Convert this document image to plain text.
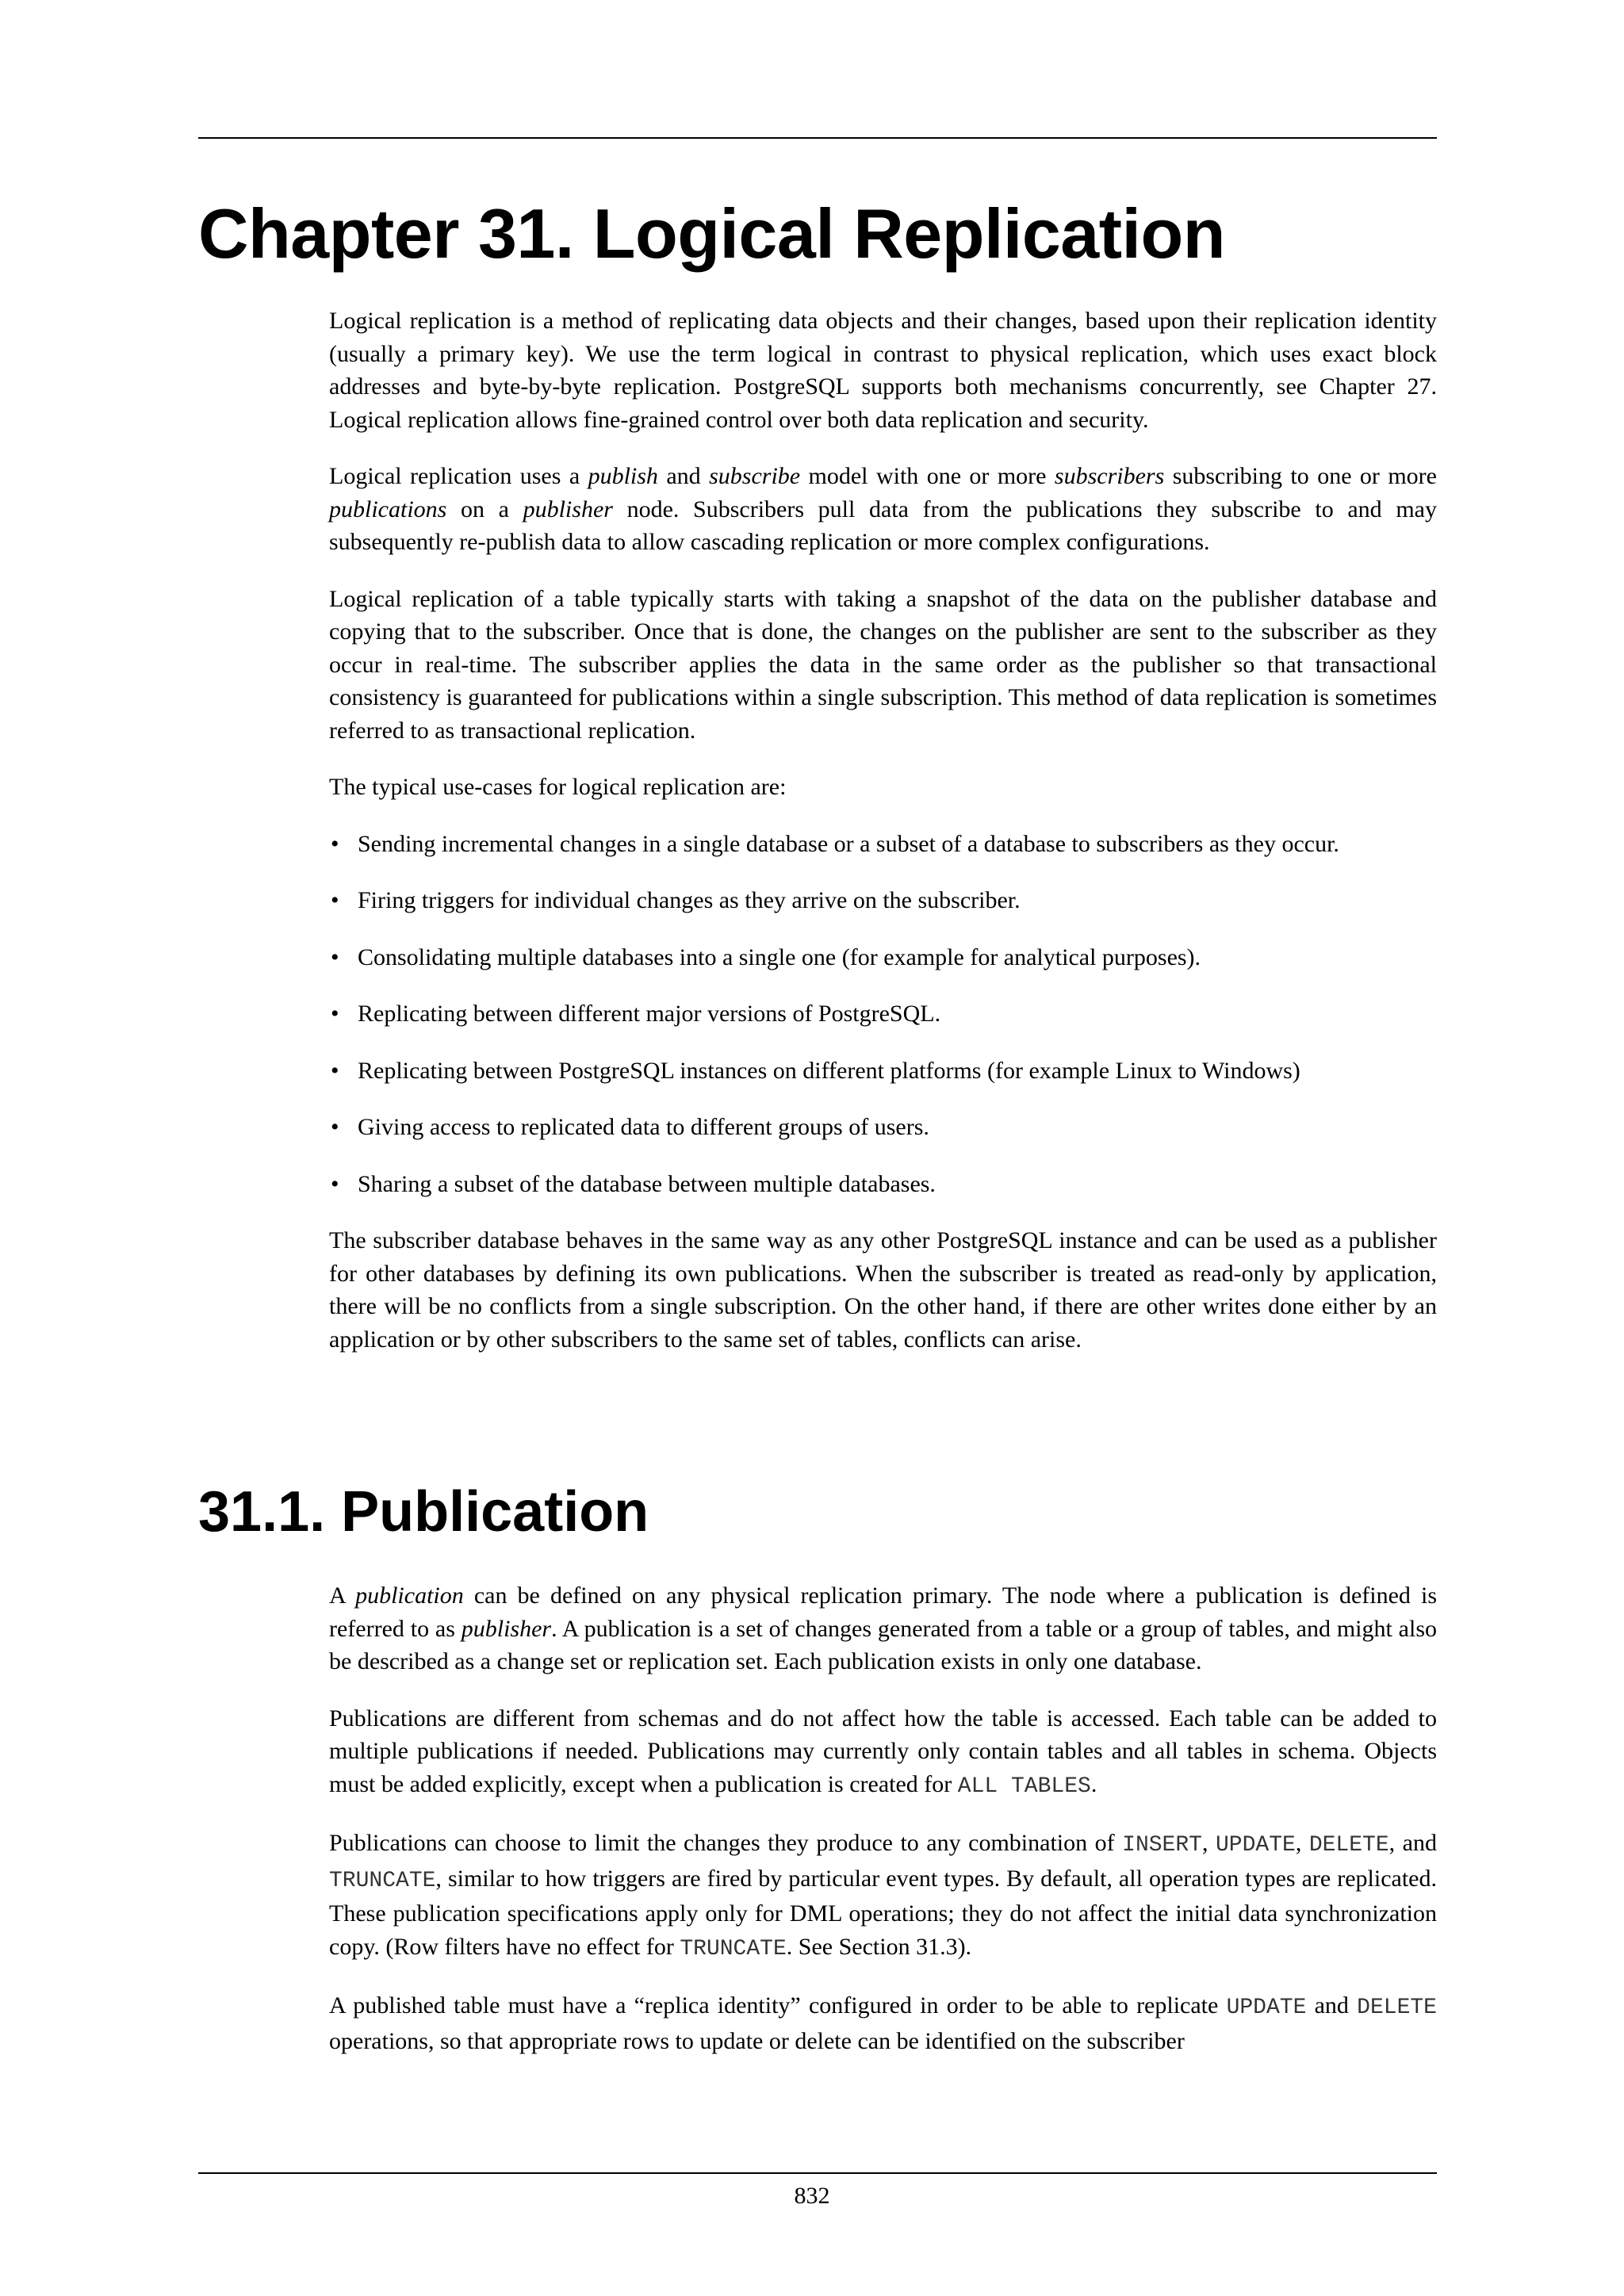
Chapter 31. Logical Replication

Logical replication is a method of replicating data objects and their changes, based upon their replication identity (usually a primary key). We use the term logical in contrast to physical replication, which uses exact block addresses and byte-by-byte replication. PostgreSQL supports both mechanisms concurrently, see Chapter 27. Logical replication allows fine-grained control over both data replication and security.

Logical replication uses a publish and subscribe model with one or more subscribers subscribing to one or more publications on a publisher node. Subscribers pull data from the publications they subscribe to and may subsequently re-publish data to allow cascading replication or more complex configurations.

Logical replication of a table typically starts with taking a snapshot of the data on the publisher database and copying that to the subscriber. Once that is done, the changes on the publisher are sent to the subscriber as they occur in real-time. The subscriber applies the data in the same order as the publisher so that transactional consistency is guaranteed for publications within a single subscription. This method of data replication is sometimes referred to as transactional replication.

The typical use-cases for logical replication are:

• Sending incremental changes in a single database or a subset of a database to subscribers as they occur.
• Firing triggers for individual changes as they arrive on the subscriber.
• Consolidating multiple databases into a single one (for example for analytical purposes).
• Replicating between different major versions of PostgreSQL.
• Replicating between PostgreSQL instances on different platforms (for example Linux to Windows)
• Giving access to replicated data to different groups of users.
• Sharing a subset of the database between multiple databases.

The subscriber database behaves in the same way as any other PostgreSQL instance and can be used as a publisher for other databases by defining its own publications. When the subscriber is treated as read-only by application, there will be no conflicts from a single subscription. On the other hand, if there are other writes done either by an application or by other subscribers to the same set of tables, conflicts can arise.

31.1. Publication

A publication can be defined on any physical replication primary. The node where a publication is defined is referred to as publisher. A publication is a set of changes generated from a table or a group of tables, and might also be described as a change set or replication set. Each publication exists in only one database.

Publications are different from schemas and do not affect how the table is accessed. Each table can be added to multiple publications if needed. Publications may currently only contain tables and all tables in schema. Objects must be added explicitly, except when a publication is created for ALL TABLES.

Publications can choose to limit the changes they produce to any combination of INSERT, UPDATE, DELETE, and TRUNCATE, similar to how triggers are fired by particular event types. By default, all operation types are replicated. These publication specifications apply only for DML operations; they do not affect the initial data synchronization copy. (Row filters have no effect for TRUNCATE. See Section 31.3).

A published table must have a “replica identity” configured in order to be able to replicate UPDATE and DELETE operations, so that appropriate rows to update or delete can be identified on the subscriber

832
